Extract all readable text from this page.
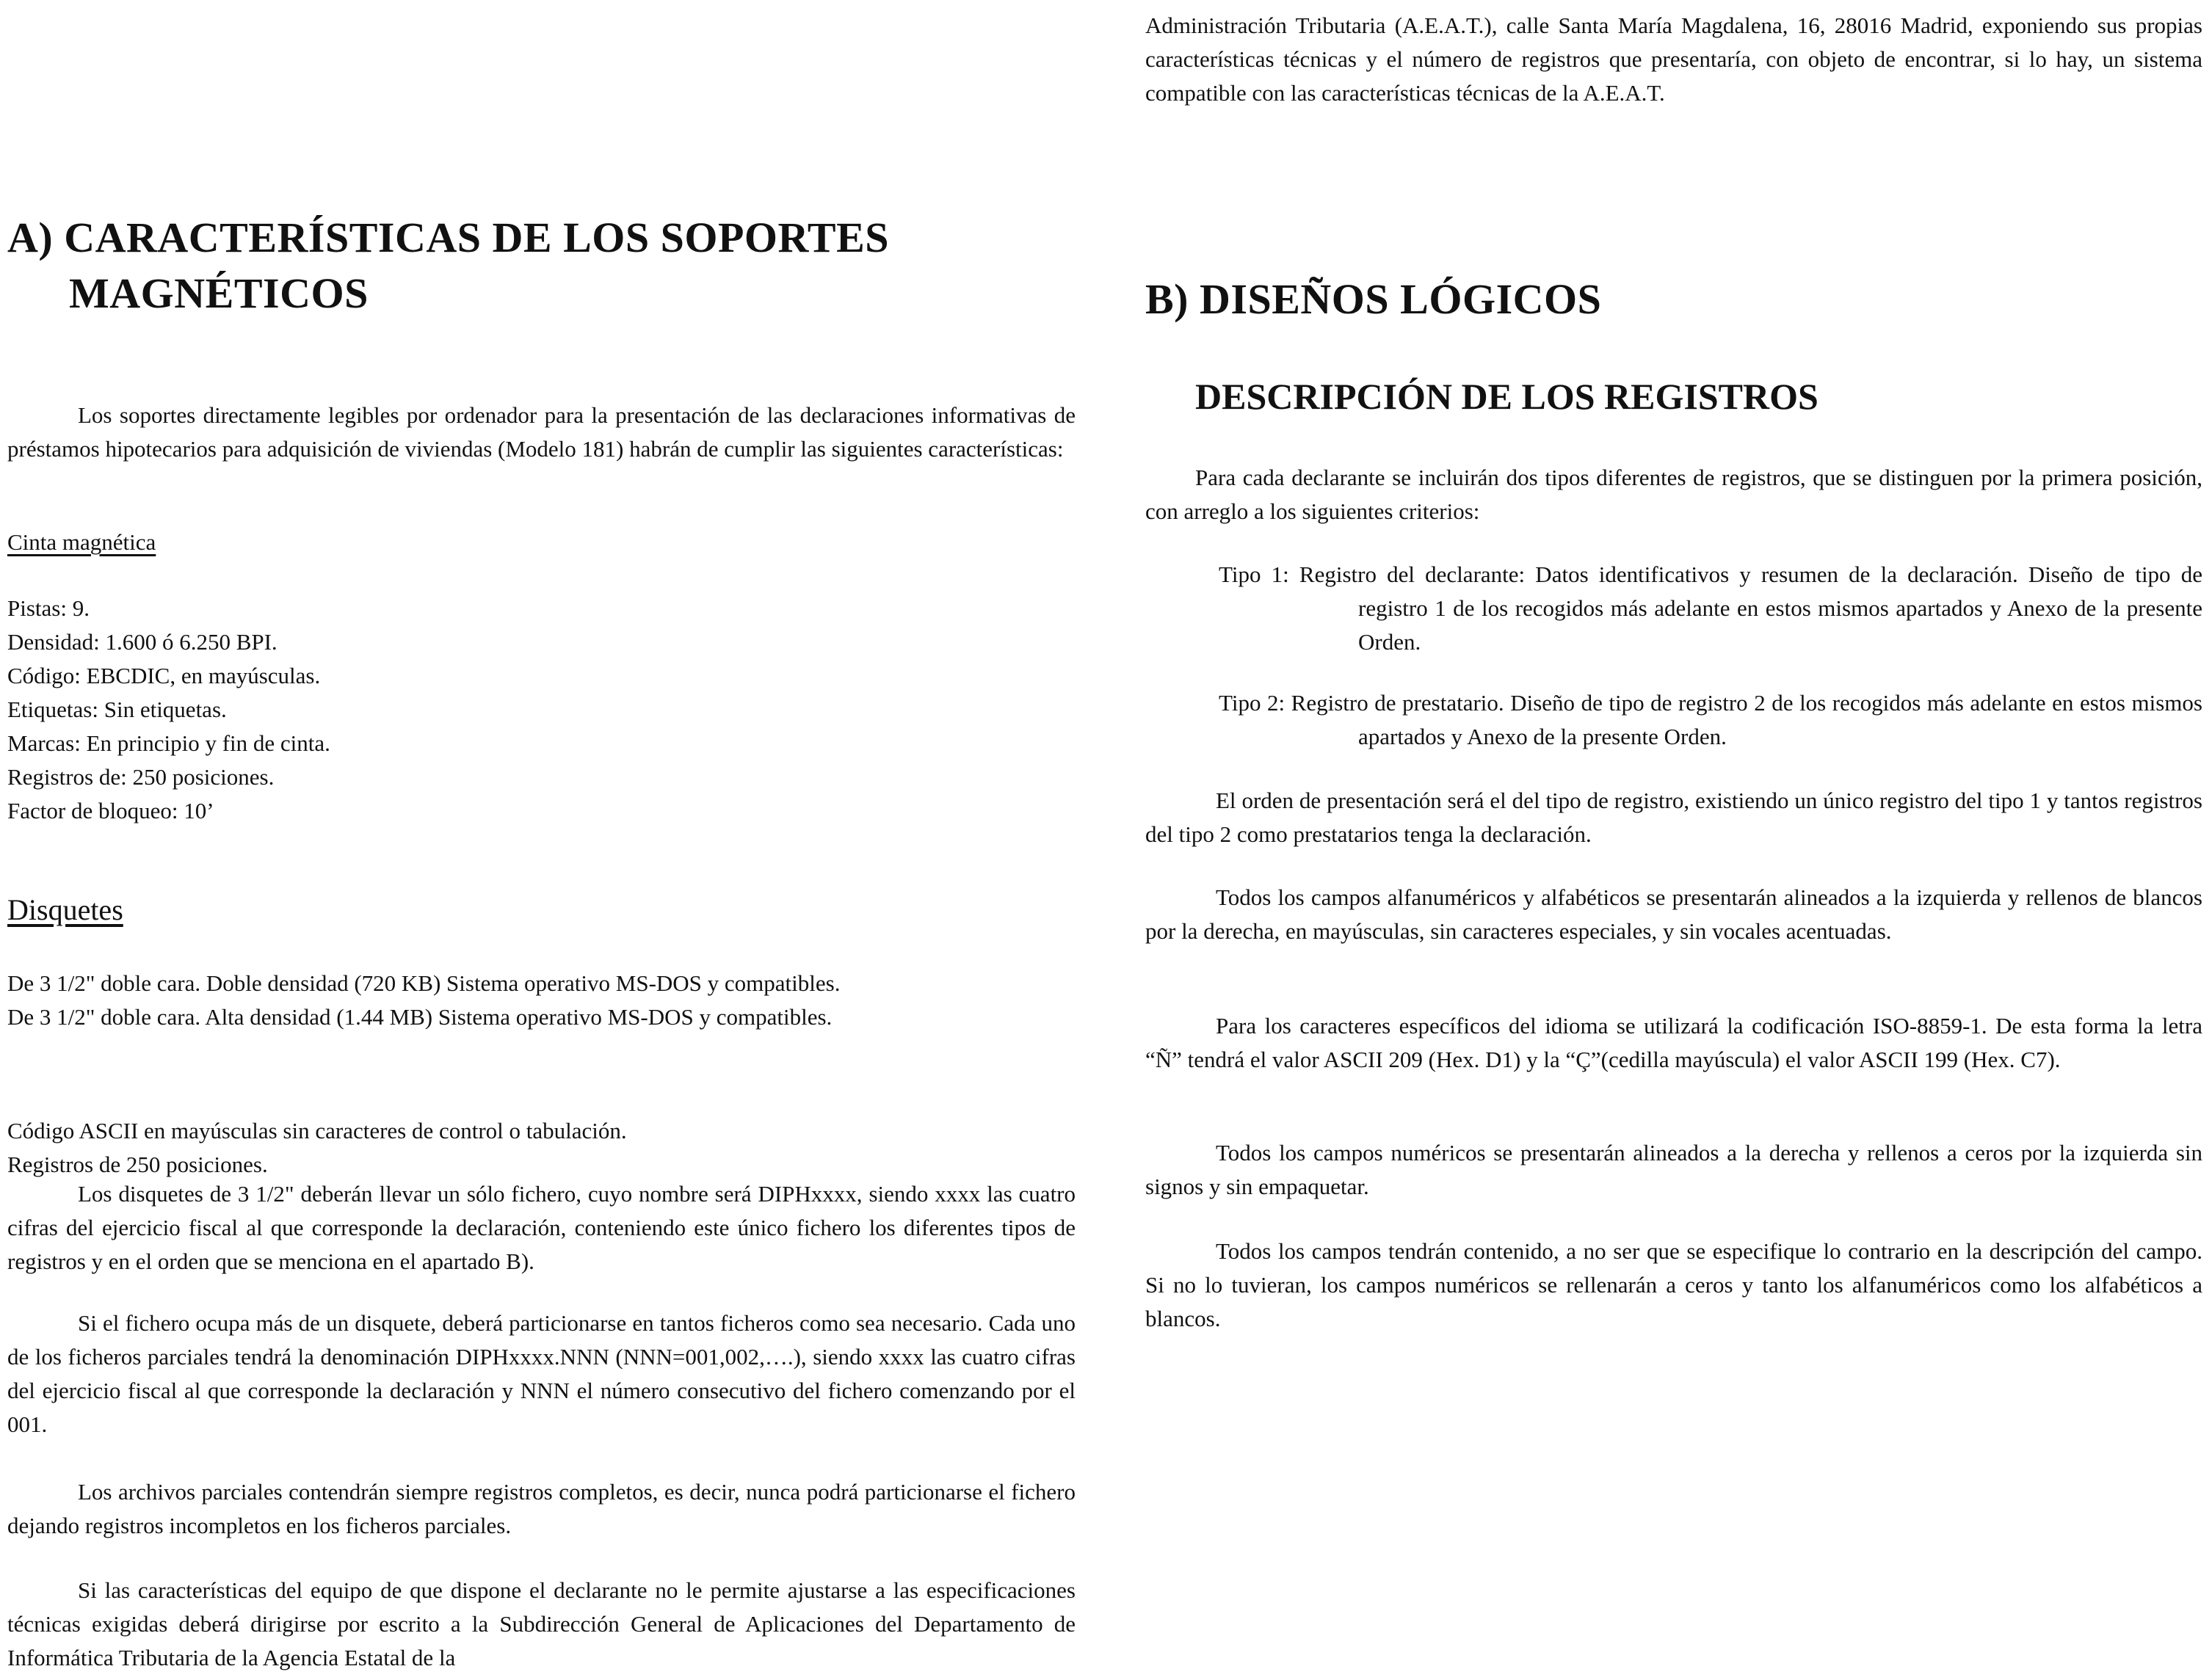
A) CARACTERÍSTICAS DE LOS SOPORTES
MAGNÉTICOS

Los soportes directamente legibles por ordenador para la presentación de las declaraciones informativas de préstamos hipotecarios para adquisición de viviendas (Modelo 181) habrán de cumplir las siguientes características:

Cinta magnética

Pistas: 9.
Densidad: 1.600 ó 6.250 BPI.
Código: EBCDIC, en mayúsculas.
Etiquetas: Sin etiquetas.
Marcas: En principio y fin de cinta.
Registros de: 250 posiciones.
Factor de bloqueo: 10’
Disquetes
De 3 1/2" doble cara. Doble densidad (720 KB) Sistema operativo MS-DOS y compatibles.
De 3 1/2" doble cara. Alta densidad (1.44 MB) Sistema operativo MS-DOS y compatibles.
Código ASCII en mayúsculas sin caracteres de control o tabulación.
Registros de 250 posiciones.

Los disquetes de 3 1/2" deberán llevar un sólo fichero, cuyo nombre será DIPHxxxx, siendo xxxx las cuatro cifras del ejercicio fiscal al que corresponde la declaración, conteniendo este único fichero los diferentes tipos de registros y en el orden que se menciona en el apartado B).

Si el fichero ocupa más de un disquete, deberá particionarse en tantos ficheros como sea necesario. Cada uno de los ficheros parciales tendrá la denominación DIPHxxxx.NNN (NNN=001,002,….), siendo xxxx las cuatro cifras del ejercicio fiscal al que corresponde la declaración y NNN el número consecutivo del fichero comenzando por el 001.

Los archivos parciales contendrán siempre registros completos, es decir, nunca podrá particionarse el fichero dejando registros incompletos en los ficheros parciales.

Si las características del equipo de que dispone el declarante no le permite ajustarse a las especificaciones técnicas exigidas deberá dirigirse por escrito a la Subdirección General de Aplicaciones del Departamento de Informática Tributaria de la Agencia Estatal de la

Administración Tributaria (A.E.A.T.), calle Santa María Magdalena, 16, 28016 Madrid, exponiendo sus propias características técnicas y el número de registros que presentaría, con objeto de encontrar, si lo hay, un sistema compatible con las características técnicas de la A.E.A.T.

B) DISEÑOS LÓGICOS
DESCRIPCIÓN DE LOS REGISTROS

Para cada declarante se incluirán dos tipos diferentes de registros, que se distinguen por la primera posición, con arreglo a los siguientes criterios:

Tipo 1: Registro del declarante: Datos identificativos y resumen de la declaración. Diseño de tipo de registro 1 de los recogidos más adelante en estos mismos apartados y Anexo de la presente Orden.

Tipo 2: Registro de prestatario. Diseño de tipo de registro 2 de los recogidos más adelante en estos mismos apartados y Anexo de la presente Orden.

El orden de presentación será el del tipo de registro, existiendo un único registro del tipo 1 y tantos registros del tipo 2 como prestatarios tenga la declaración.

Todos los campos alfanuméricos y alfabéticos se presentarán alineados a la izquierda y rellenos de blancos por la derecha, en mayúsculas, sin caracteres especiales, y sin vocales acentuadas.

Para los caracteres específicos del idioma se utilizará la codificación ISO-8859-1. De esta forma la letra “Ñ” tendrá el valor ASCII 209 (Hex. D1) y la “Ç”(cedilla mayúscula) el valor ASCII 199 (Hex. C7).

Todos los campos numéricos se presentarán alineados a la derecha y rellenos a ceros por la izquierda sin signos y sin empaquetar.

Todos los campos tendrán contenido, a no ser que se especifique lo contrario en la descripción del campo. Si no lo tuvieran, los campos numéricos se rellenarán a ceros y tanto los alfanuméricos como los alfabéticos a blancos.
